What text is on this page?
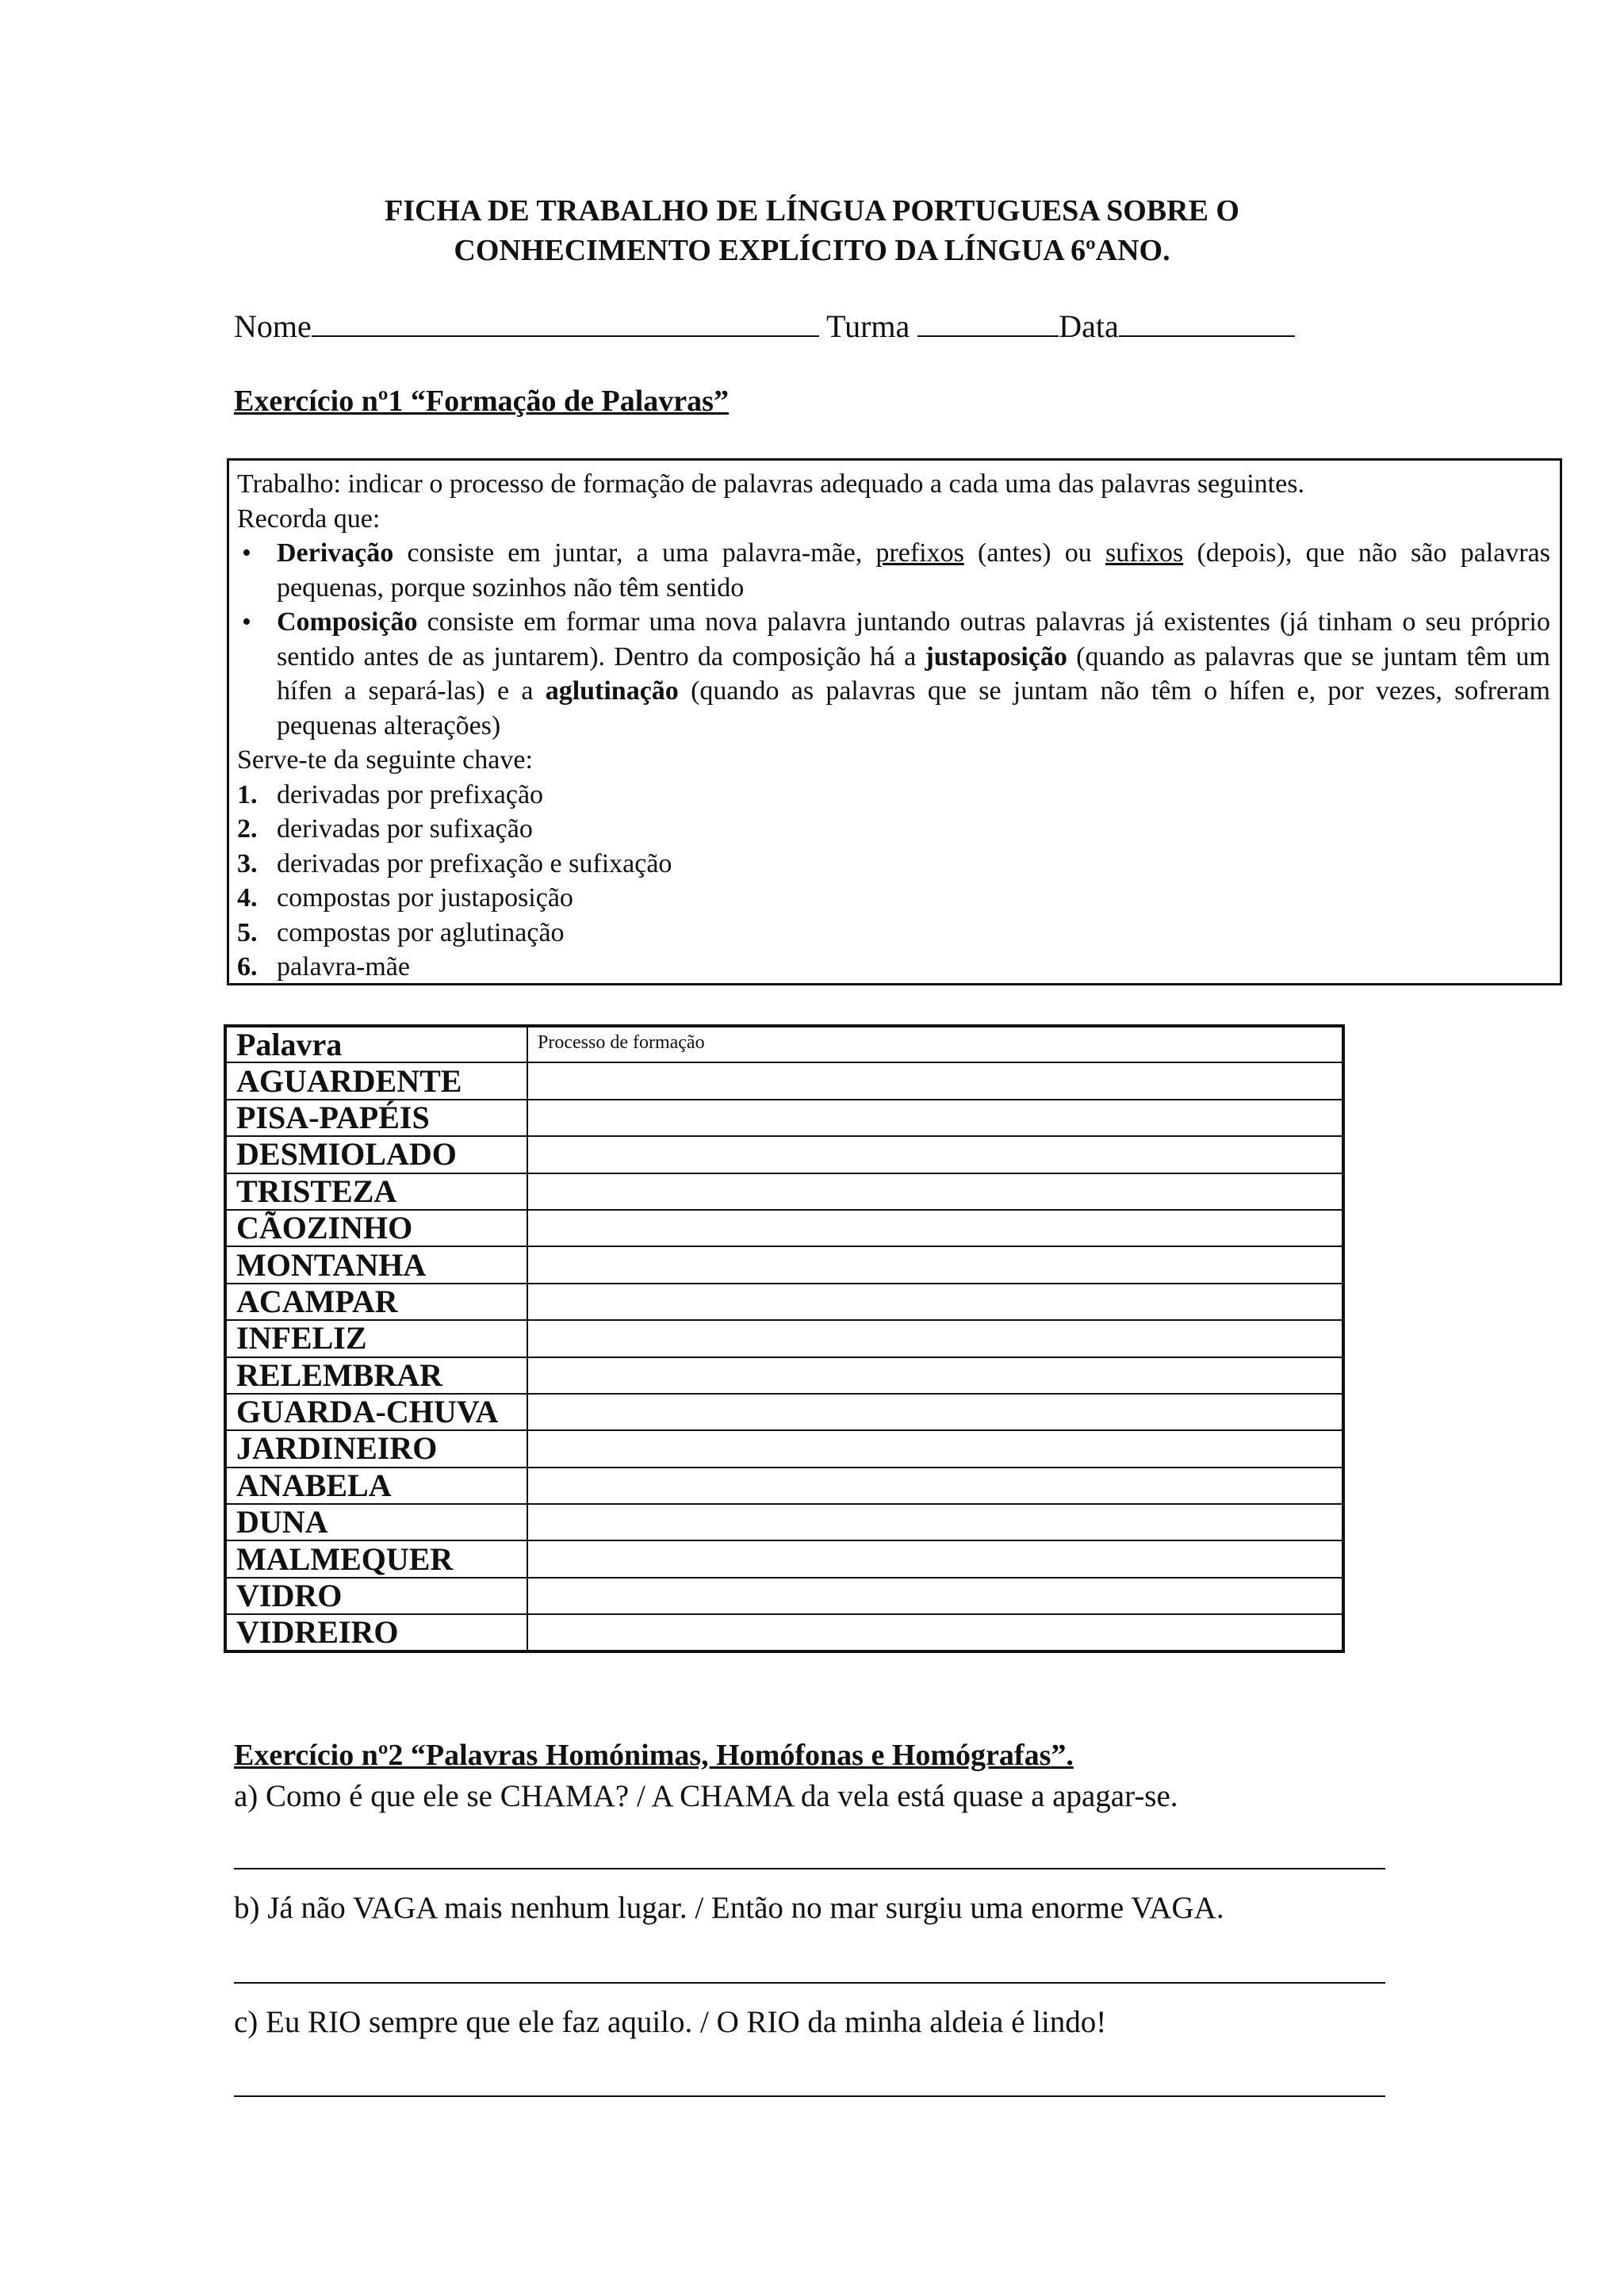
FICHA DE TRABALHO DE LÍNGUA PORTUGUESA SOBRE O
CONHECIMENTO EXPLÍCITO DA LÍNGUA 6ºANO.
Nome	Turma	Data
Exercício nº1 “Formação de Palavras”

Trabalho: indicar o processo de formação de palavras adequado a cada uma das palavras seguintes.

Recorda que:

• Derivação consiste em juntar, a uma palavra-mãe, prefixos (antes) ou sufixos (depois), que não são palavras pequenas, porque sozinhos não têm sentido
• Composição consiste em formar uma nova palavra juntando outras palavras já existentes (já tinham o seu próprio sentido antes de as juntarem). Dentro da composição há a justaposição (quando as palavras que se juntam têm um hífen a separá-las) e a aglutinação (quando as palavras que se juntam não têm o hífen e, por vezes, sofreram pequenas alterações)

Serve-te da seguinte chave:

1. derivadas por prefixação
2. derivadas por sufixação
3. derivadas por prefixação e sufixação
4. compostas por justaposição
5. compostas por aglutinação
6. palavra-mãe
Palavra	Processo de formação
AGUARDENTE	
PISA-PAPÉIS	
DESMIOLADO	
TRISTEZA	
CÃOZINHO	
MONTANHA	
ACAMPAR	
INFELIZ	
RELEMBRAR	
GUARDA-CHUVA	
JARDINEIRO	
ANABELA	
DUNA	
MALMEQUER	
VIDRO	
VIDREIRO	
Exercício nº2 “Palavras Homónimas, Homófonas e Homógrafas”.
a) Como é que ele se CHAMA? / A CHAMA da vela está quase a apagar-se.
b) Já não VAGA mais nenhum lugar. / Então no mar surgiu uma enorme VAGA.
c) Eu RIO sempre que ele faz aquilo. / O RIO da minha aldeia é lindo!
